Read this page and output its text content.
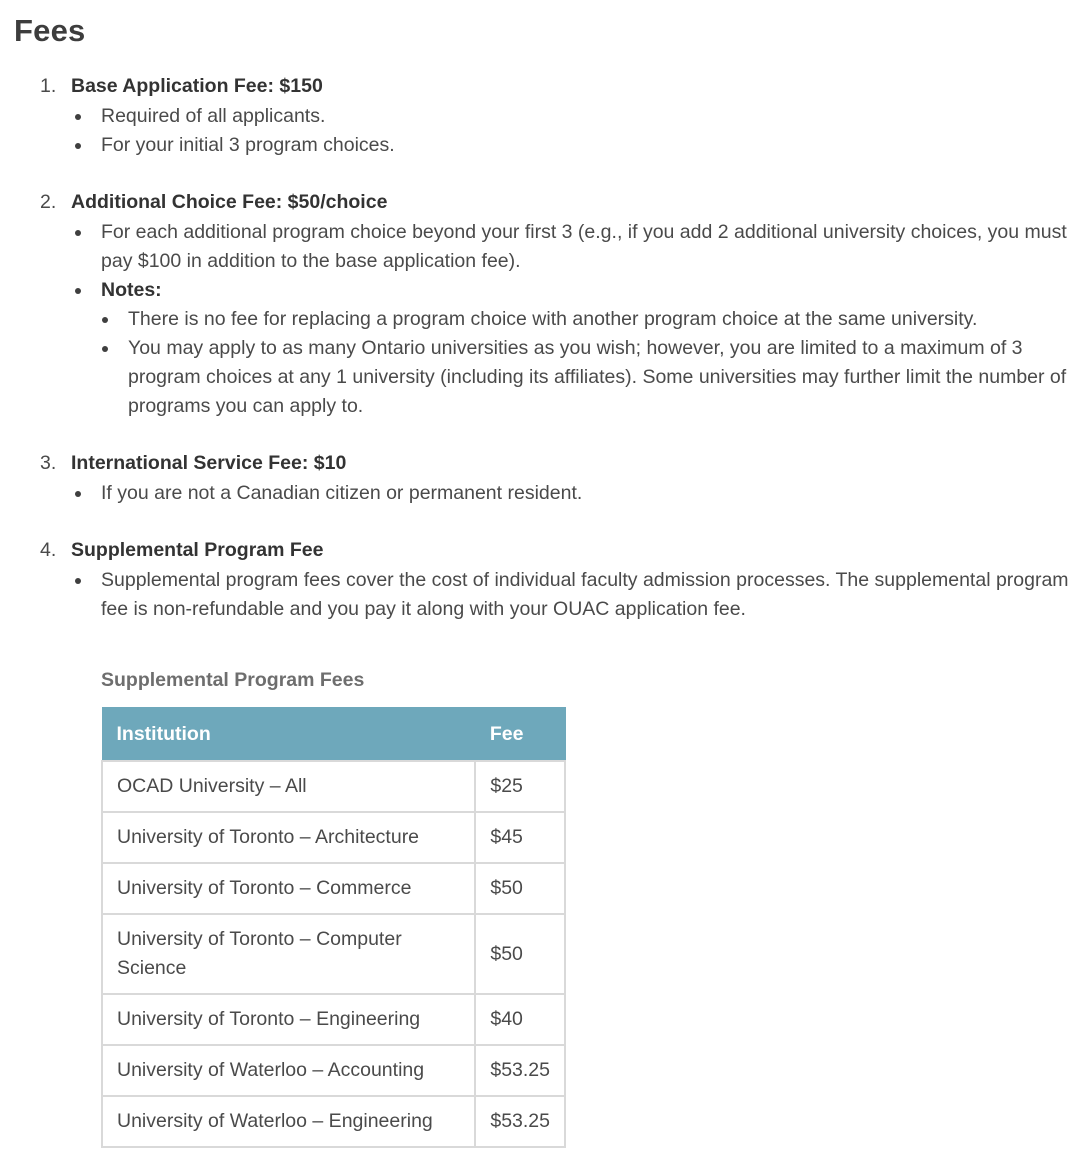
Fees
1. Base Application Fee: $150
Required of all applicants.
For your initial 3 program choices.
2. Additional Choice Fee: $50/choice
For each additional program choice beyond your first 3 (e.g., if you add 2 additional university choices, you must pay $100 in addition to the base application fee).
Notes:
There is no fee for replacing a program choice with another program choice at the same university.
You may apply to as many Ontario universities as you wish; however, you are limited to a maximum of 3 program choices at any 1 university (including its affiliates). Some universities may further limit the number of programs you can apply to.
3. International Service Fee: $10
If you are not a Canadian citizen or permanent resident.
4. Supplemental Program Fee
Supplemental program fees cover the cost of individual faculty admission processes. The supplemental program fee is non-refundable and you pay it along with your OUAC application fee.
Supplemental Program Fees
Institution	Fee
OCAD University – All	$25
University of Toronto – Architecture	$45
University of Toronto – Commerce	$50
University of Toronto – Computer Science	$50
University of Toronto – Engineering	$40
University of Waterloo – Accounting	$53.25
University of Waterloo – Engineering	$53.25
